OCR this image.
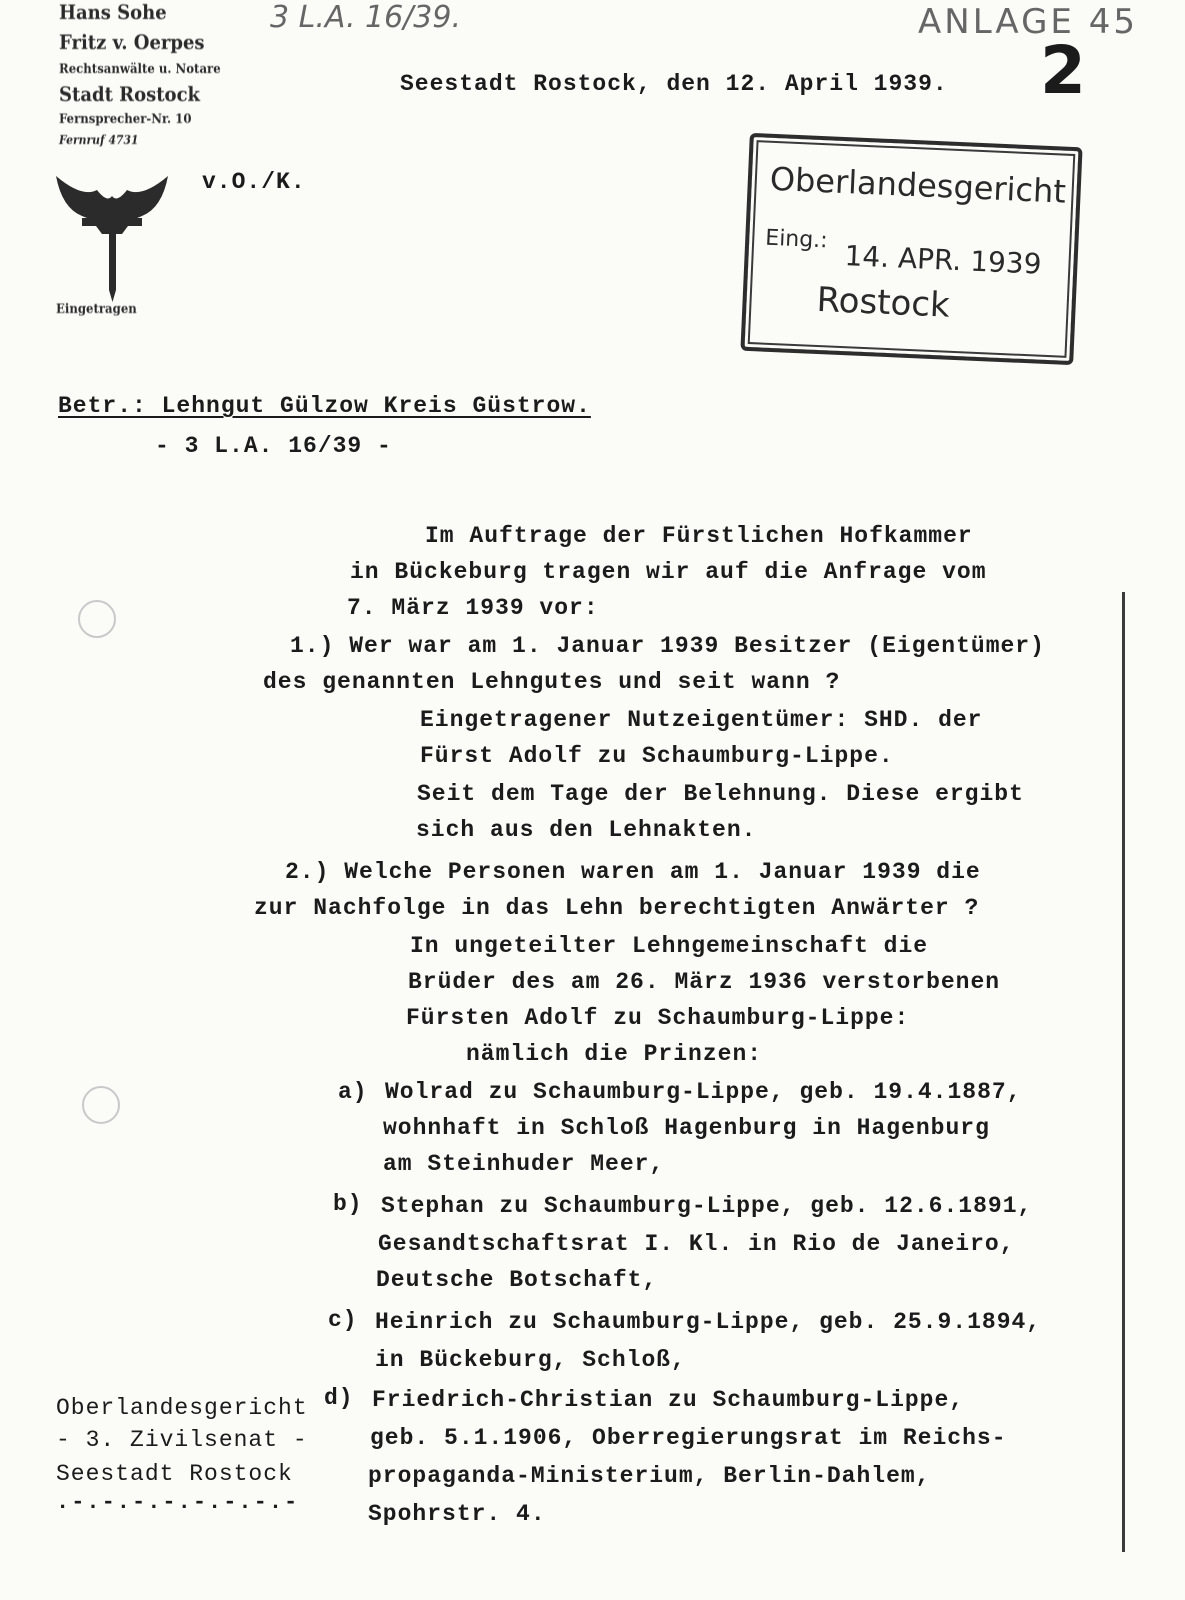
Hans Sohe
Fritz v. Oerpes
Rechtsanwälte u. Notare
Stadt Rostock
Fernsprecher-Nr. 10
Fernruf 4731
Eingetragen
3 L.A. 16/39.	ANLAGE 45
2
Seestadt Rostock, den 12. April 1939.
v.O./K.	Oberlandesgericht
Eing.: 14. APR. 1939
Rostock
Betr.: Lehngut Gülzow Kreis Güstrow.
- 3 L.A. 16/39 -
Im Auftrage der Fürstlichen Hofkammer
in Bückeburg tragen wir auf die Anfrage vom
7. März 1939 vor:
1.) Wer war am 1. Januar 1939 Besitzer (Eigentümer)
des genannten Lehngutes und seit wann ?
Eingetragener Nutzeigentümer: SHD. der
Fürst Adolf zu Schaumburg-Lippe.
Seit dem Tage der Belehnung. Diese ergibt
sich aus den Lehnakten.
2.) Welche Personen waren am 1. Januar 1939 die
zur Nachfolge in das Lehn berechtigten Anwärter ?
In ungeteilter Lehngemeinschaft die
Brüder des am 26. März 1936 verstorbenen
Fürsten Adolf zu Schaumburg-Lippe:
nämlich die Prinzen:
a) Wolrad zu Schaumburg-Lippe, geb. 19.4.1887,
wohnhaft in Schloß Hagenburg in Hagenburg
am Steinhuder Meer,
b) Stephan zu Schaumburg-Lippe, geb. 12.6.1891,
Gesandtschaftsrat I. Kl. in Rio de Janeiro,
Deutsche Botschaft,
c) Heinrich zu Schaumburg-Lippe, geb. 25.9.1894,
in Bückeburg, Schloß,
d) Friedrich-Christian zu Schaumburg-Lippe,
geb. 5.1.1906, Oberregierungsrat im Reichs-
propaganda-Ministerium, Berlin-Dahlem,
Spohrstr. 4.
Oberlandesgericht
- 3. Zivilsenat -
Seestadt Rostock
.-.-.-.-.-.-.-.-
